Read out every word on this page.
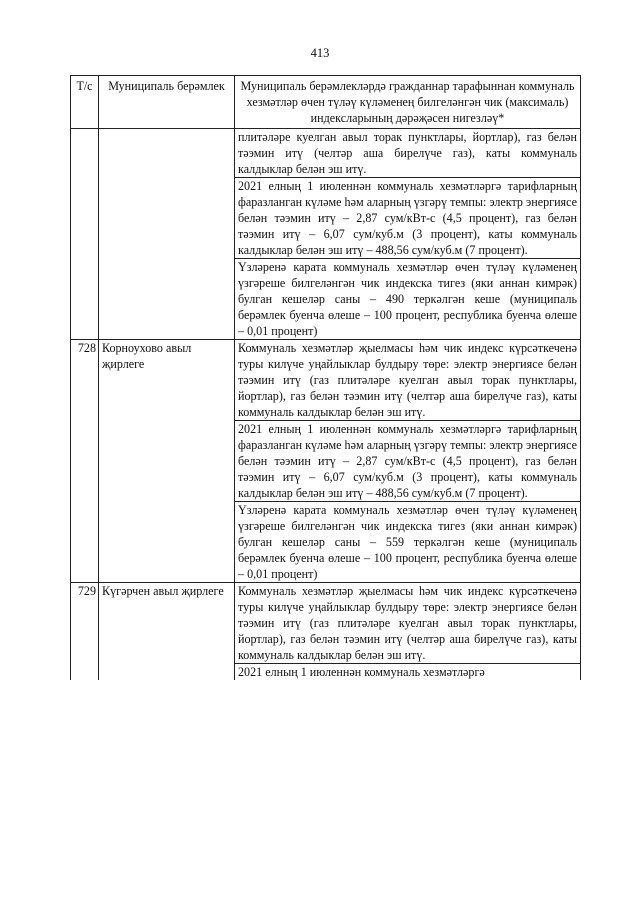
413
Т/с	Муниципаль берәмлек	Муниципаль берәмлекләрдә гражданнар тарафыннан коммуналь хезмәтләр өчен түләү күләменең билгеләнгән чик (максималь) индексларының дәрәҗәсен нигезләү*

		плитәләре куелган авыл торак пунктлары, йортлар), газ белән тәэмин итү (челтәр аша бирелүче газ), каты коммуналь калдыклар белән эш итү.

2021 елның 1 июленнән коммуналь хезмәтләргә тарифларның фаразланган күләме һәм аларның үзгәрү темпы: электр энергиясе белән тәэмин итү – 2,87 сум/кВт-с (4,5 процент), газ белән тәэмин итү – 6,07 сум/куб.м (3 процент), каты коммуналь калдыклар белән эш итү – 488,56 сум/куб.м (7 процент).

Үзләренә карата коммуналь хезмәтләр өчен түләү күләменең үзгәреше билгеләнгән чик индекска тигез (яки аннан кимрәк) булган кешеләр саны – 490 теркәлгән кеше (муниципаль берәмлек буенча өлеше – 100 процент, республика буенча өлеше – 0,01 процент)

728	Корноухово авыл җирлеге	Коммуналь хезмәтләр җыелмасы һәм чик индекс күрсәткеченә туры килүче уңайлыклар булдыру төре: электр энергиясе белән тәэмин итү (газ плитәләре куелган авыл торак пунктлары, йортлар), газ белән тәэмин итү (челтәр аша бирелүче газ), каты коммуналь калдыклар белән эш итү.

2021 елның 1 июленнән коммуналь хезмәтләргә тарифларның фаразланган күләме һәм аларның үзгәрү темпы: электр энергиясе белән тәэмин итү – 2,87 сум/кВт-с (4,5 процент), газ белән тәэмин итү – 6,07 сум/куб.м (3 процент), каты коммуналь калдыклар белән эш итү – 488,56 сум/куб.м (7 процент).

Үзләренә карата коммуналь хезмәтләр өчен түләү күләменең үзгәреше билгеләнгән чик индекска тигез (яки аннан кимрәк) булган кешеләр саны – 559 теркәлгән кеше (муниципаль берәмлек буенча өлеше – 100 процент, республика буенча өлеше – 0,01 процент)

729	Күгәрчен авыл җирлеге	Коммуналь хезмәтләр җыелмасы һәм чик индекс күрсәткеченә туры килүче уңайлыклар булдыру төре: электр энергиясе белән тәэмин итү (газ плитәләре куелган авыл торак пунктлары, йортлар), газ белән тәэмин итү (челтәр аша бирелүче газ), каты коммуналь калдыклар белән эш итү.

2021 елның 1 июленнән коммуналь хезмәтләргә
